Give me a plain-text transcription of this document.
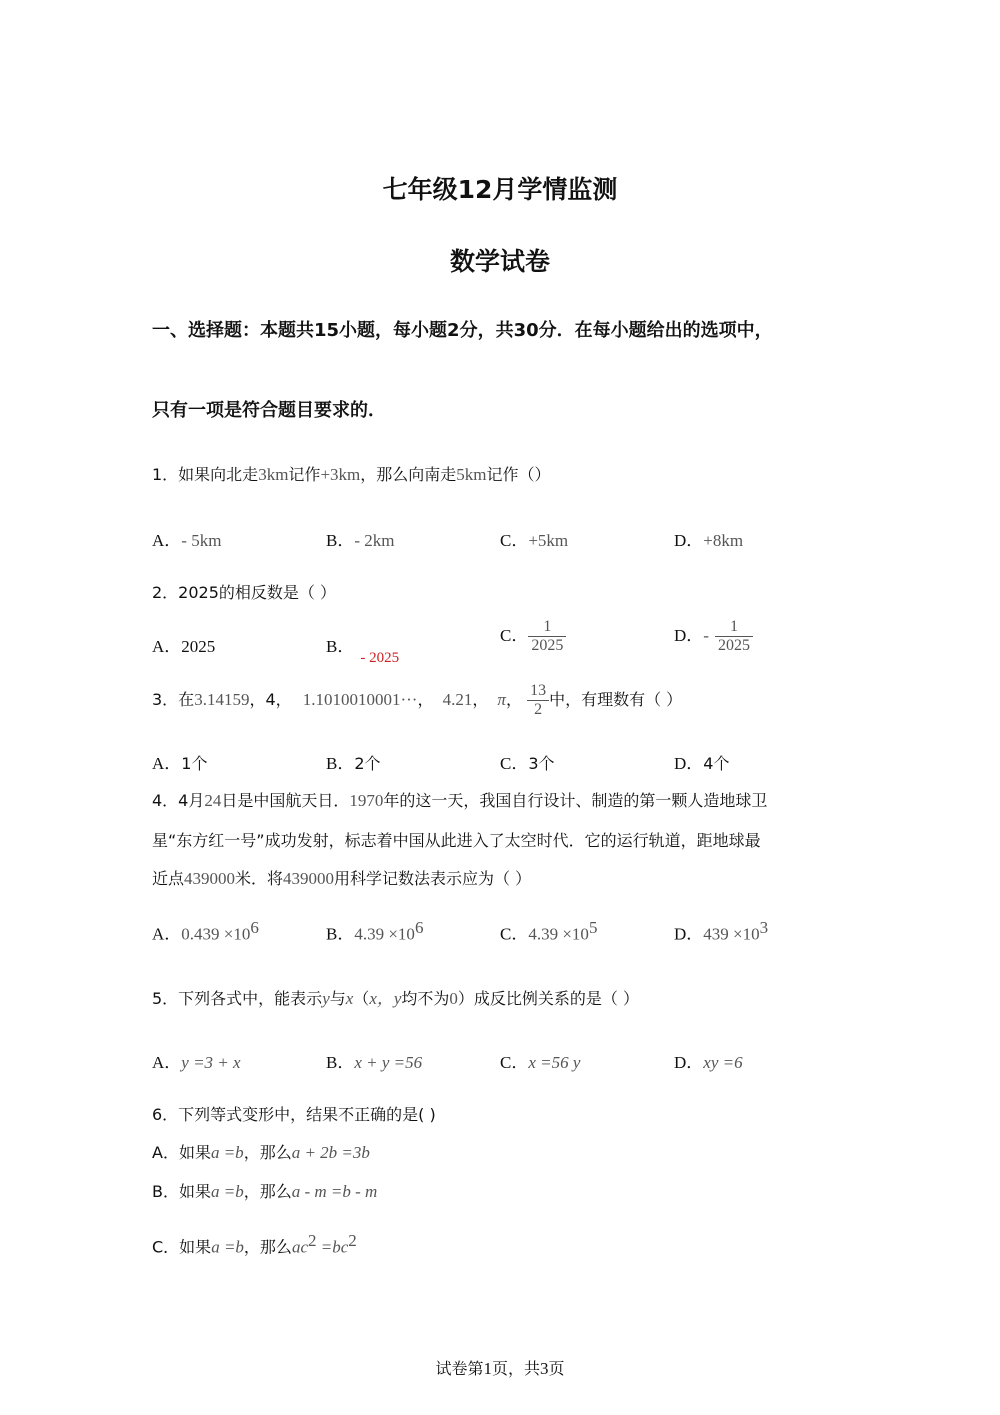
七年级12月学情监测
数学试卷
一、选择题：本题共15小题，每小题2分，共30分．在每小题给出的选项中，
只有一项是符合题目要求的．
1．如果向北走3km记作+3km，那么向南走5km记作（）
A．- 5km	B．- 2km	C．+5km	D．+8km
2．2025的相反数是（ ）
A．2025	B．- 2025
C． $\frac{1}{2025}$	D．- $\frac{1}{2025}$
3．在3.14159，4， 1.1010010001···， 4.21， π， $\frac{13}{2}$ 中，有理数有（ ）
A．1个	B．2个	C．3个	D．4个
4．4月24日是中国航天日．1970年的这一天，我国自行设计、制造的第一颗人造地球卫
星“东方红一号”成功发射，标志着中国从此进入了太空时代．它的运行轨道，距地球最
近点439000米．将439000用科学记数法表示应为（ ）
A．$0.439 \times 10^6$	B．$4.39 \times 10^6$	C．$4.39 \times 10^5$	D．$439 \times 10^3$
5．下列各式中，能表示y与x（x，y均不为0）成反比例关系的是（ ）
A．y =3 + x	B．x + y =56	C．x =56 y	D．xy =6
6．下列等式变形中，结果不正确的是( )
A．如果a =b，那么a + 2b =3b
B．如果a =b，那么a - m =b - m
C．如果a =b，那么$ac^2 =bc^2$
试卷第1页，共3页
